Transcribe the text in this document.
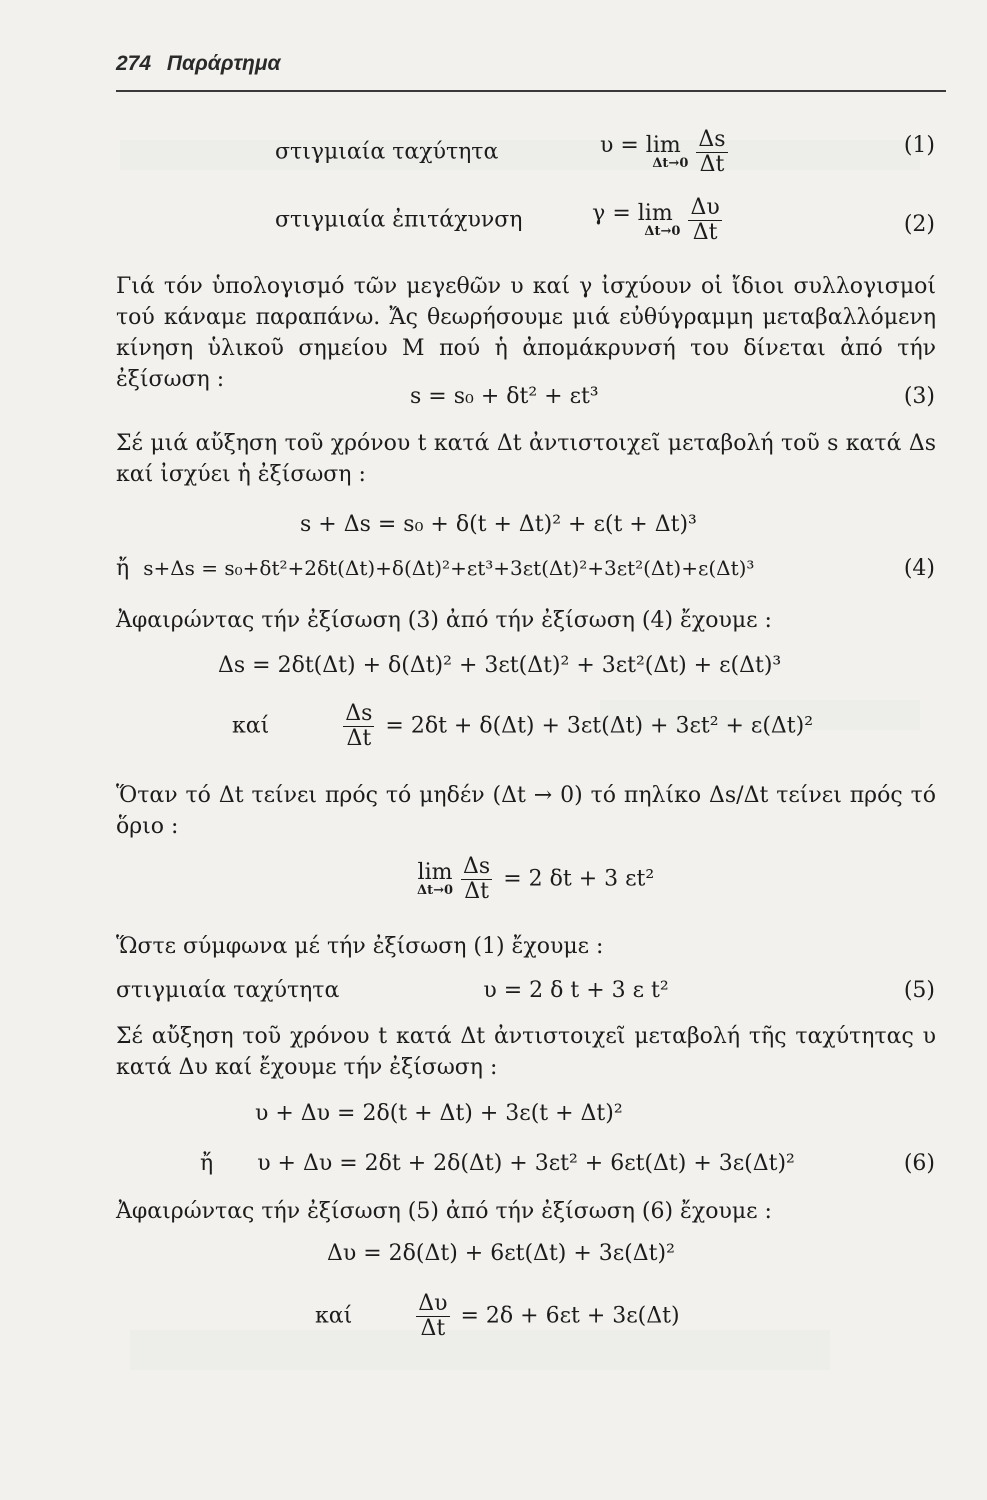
274 Παράρτημα
στιγμιαία ταχύτητα	υ = lim
$\Delta t\to 0 \frac{\Delta s}{\Delta t}$	(1)
στιγμιαία ἐπιτάχυνση	γ = lim
$\Delta t\to 0 \frac{\Delta\upsilon}{\Delta t}$	(2)
Γιά τόν ὑπολογισμό τῶν μεγεθῶν υ καί γ ἰσχύουν οἱ ἴδιοι συλλογισμοί τού κάναμε παραπάνω. Ἄς θεωρήσουμε μιά εὐθύγραμμη μεταβαλλόμενη κίνηση ὑλικοῦ σημείου Μ πού ἡ ἀπομάκρυνσή του δίνεται ἀπό τήν ἐξίσωση :
s = s₀ + δt² + εt³	(3)
Σέ μιά αὔξηση τοῦ χρόνου t κατά Δt ἀντιστοιχεῖ μεταβολή τοῦ s κατά Δs καί ἰσχύει ἡ ἐξίσωση :
s + Δs = s₀ + δ(t + Δt)² + ε(t + Δt)³
ἤ s+Δs = s₀+δt²+2δt(Δt)+δ(Δt)²+εt³+3εt(Δt)²+3εt²(Δt)+ε(Δt)³	(4)
Ἀφαιρώντας τήν ἐξίσωση (3) ἀπό τήν ἐξίσωση (4) ἔχουμε :
Δs = 2δt(Δt) + δ(Δt)² + 3εt(Δt)² + 3εt²(Δt) + ε(Δt)³
καί	$\frac{\Delta s}{\Delta t} = 2\delta t + \delta(\Delta t) + 3\varepsilon t(\Delta t) + 3\varepsilon t^2 + \varepsilon(\Delta t)^2$
Ὅταν τό Δt τείνει πρός τό μηδέν (Δt → 0) τό πηλίκο Δs/Δt τείνει πρός τό ὅριο :
lim
$\Delta t\to 0 \frac{\Delta s}{\Delta t} = 2$ δt + 3 εt²
Ὥστε σύμφωνα μέ τήν ἐξίσωση (1) ἔχουμε :
στιγμιαία ταχύτητα	υ = 2 δ t + 3 ε t²	(5)
Σέ αὔξηση τοῦ χρόνου t κατά Δt ἀντιστοιχεῖ μεταβολή τῆς ταχύτητας υ κατά Δυ καί ἔχουμε τήν ἐξίσωση :
υ + Δυ = 2δ(t + Δt) + 3ε(t + Δt)²
ἤ υ + Δυ = 2δt + 2δ(Δt) + 3εt² + 6εt(Δt) + 3ε(Δt)²	(6)
Ἀφαιρώντας τήν ἐξίσωση (5) ἀπό τήν ἐξίσωση (6) ἔχουμε :
Δυ = 2δ(Δt) + 6εt(Δt) + 3ε(Δt)²
καί	$\frac{\Delta\upsilon}{\Delta t} = 2\delta + 6\varepsilon t + 3\varepsilon(\Delta t)$
